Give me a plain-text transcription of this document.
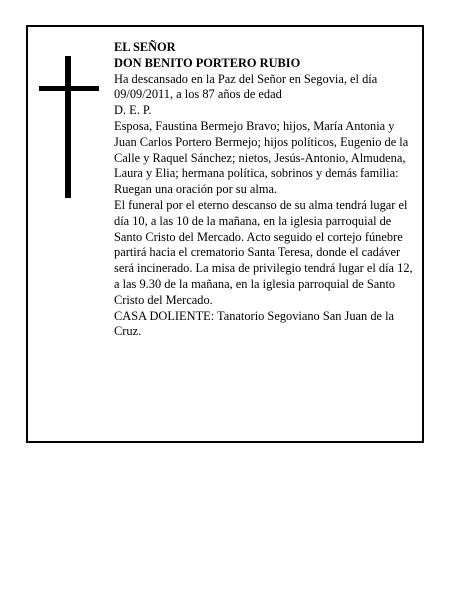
EL SEÑOR

DON BENITO PORTERO RUBIO

Ha descansado en la Paz del Señor en Segovia, el día 09/09/2011, a los 87 años de edad

D. E. P.

Esposa, Faustina Bermejo Bravo; hijos, María Antonia y Juan Carlos Portero Bermejo; hijos políticos, Eugenio de la Calle y Raquel Sánchez; nietos, Jesús-Antonio, Almudena, Laura y Elia; hermana política, sobrinos y demás familia:

Ruegan una oración por su alma.

El funeral por el eterno descanso de su alma tendrá lugar el día 10, a las 10 de la mañana, en la iglesia parroquial de Santo Cristo del Mercado. Acto seguido el cortejo fúnebre partirá hacia el crematorio Santa Teresa, donde el cadáver será incinerado. La misa de privilegio tendrá lugar el día 12, a las 9.30 de la mañana, en la iglesia parroquial de Santo Cristo del Mercado.

CASA DOLIENTE: Tanatorio Segoviano San Juan de la Cruz.
